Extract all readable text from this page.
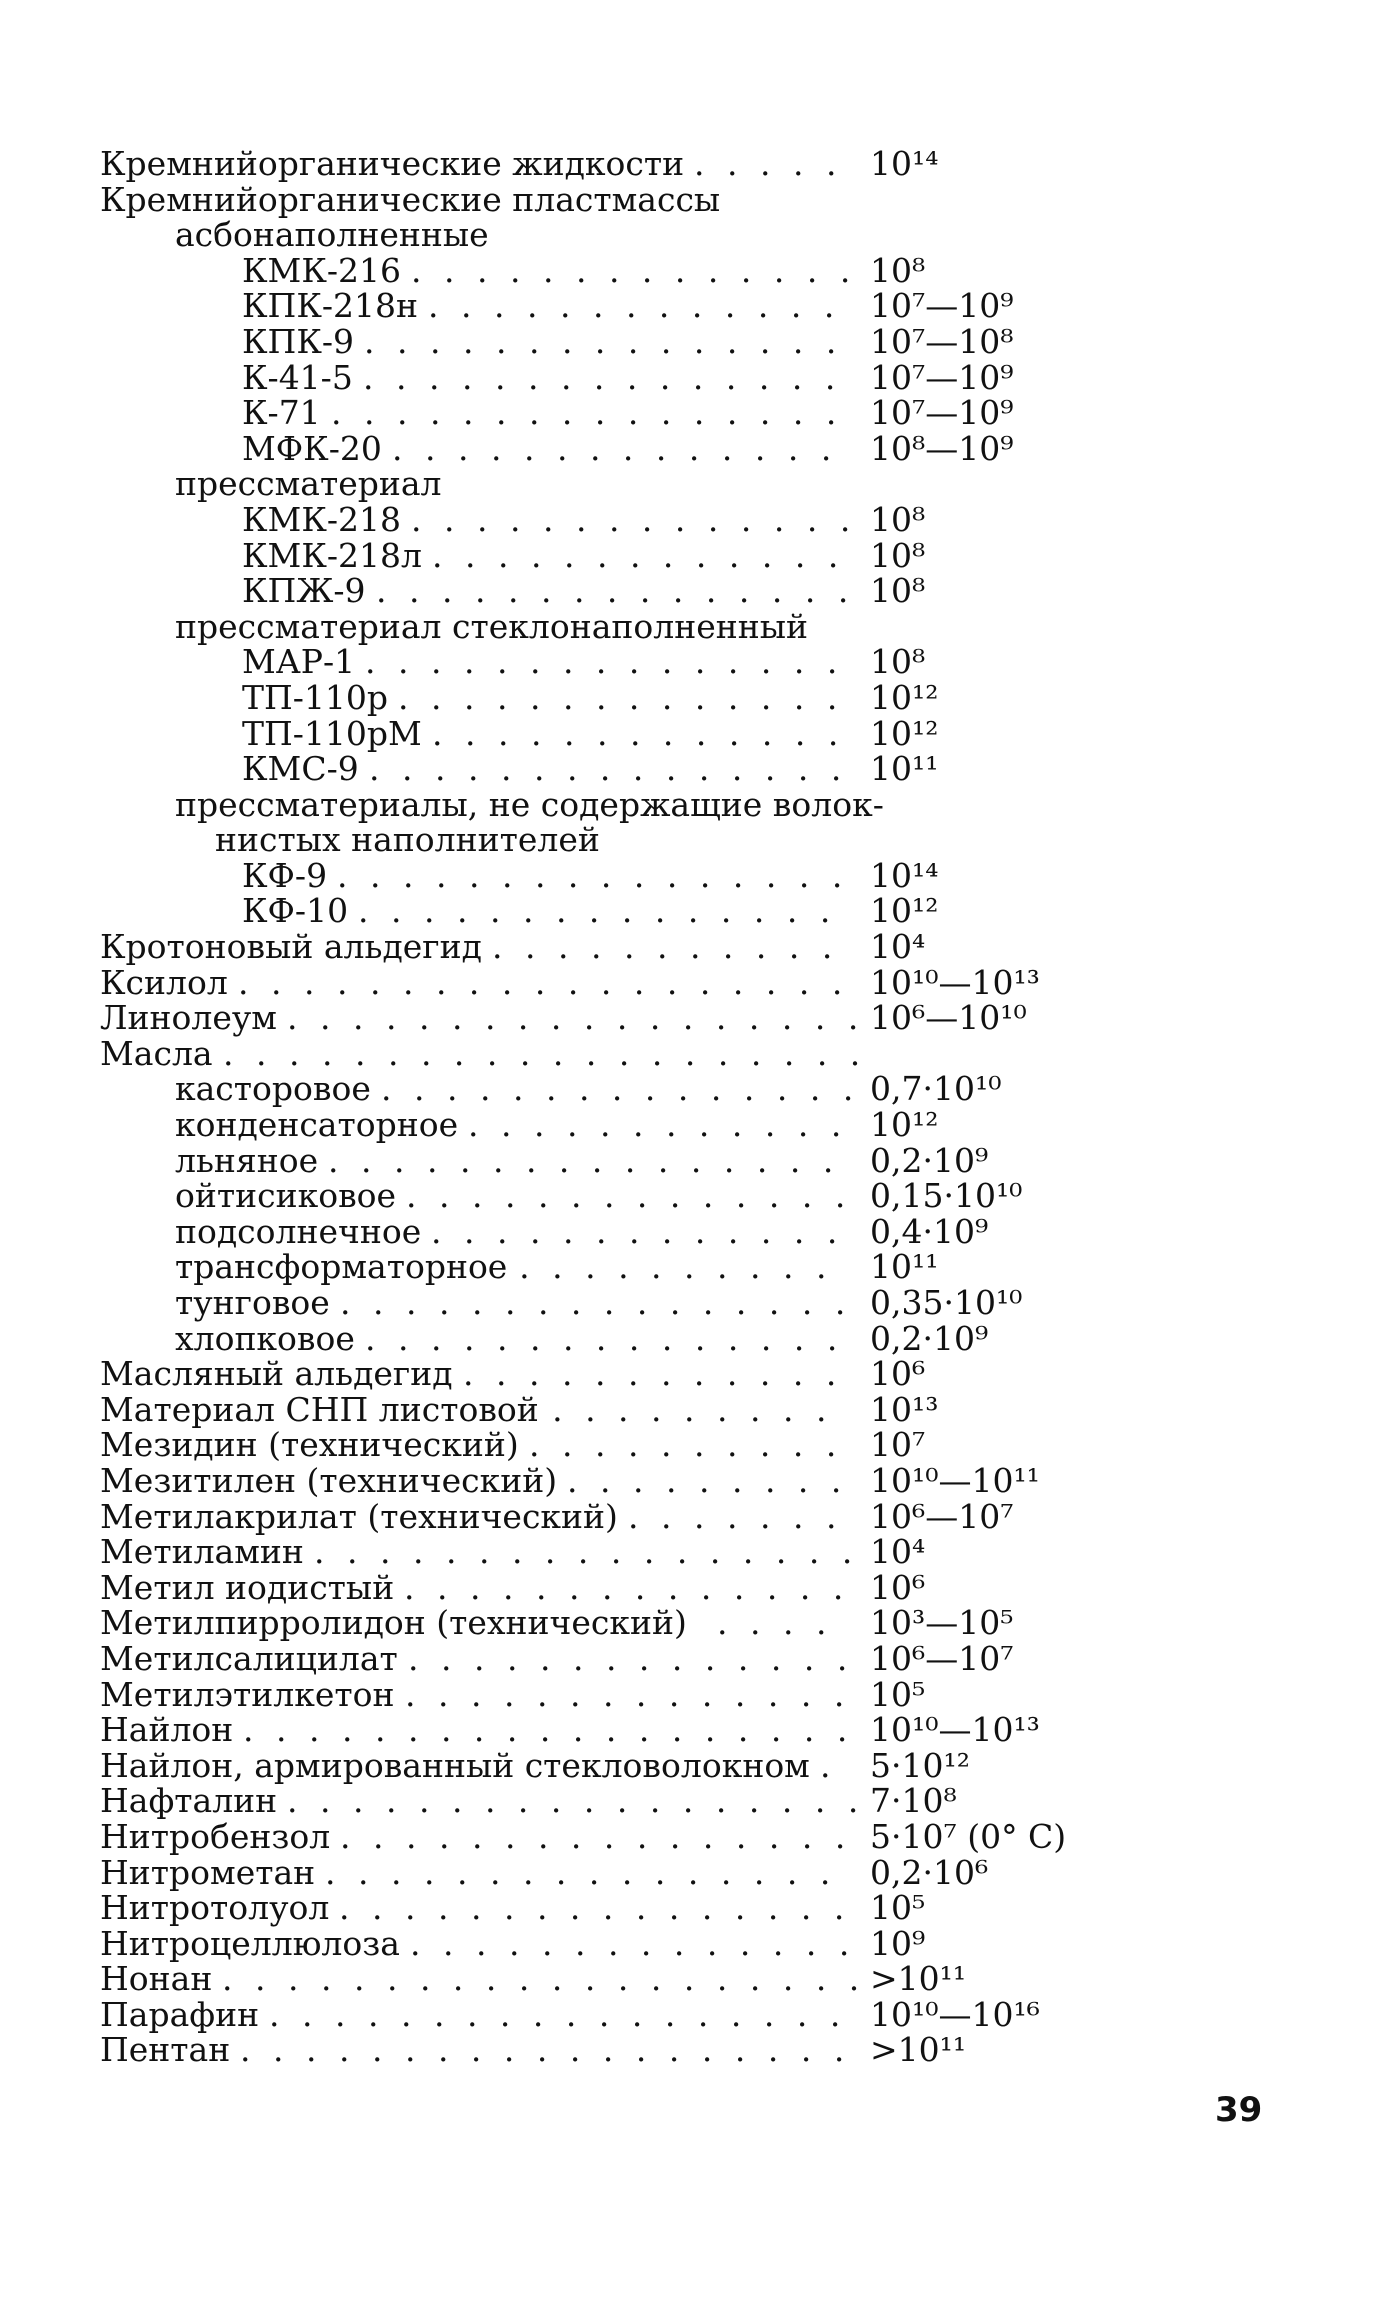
Кремнийорганические жидкости ..... 10¹⁴
Кремнийорганические пластмассы
асбонаполненные
КМК-216 ..............
10⁸
КПК-218н ............. 10⁷—10⁹
КПК-9 ............... 10⁷—10⁸
К-41-5 ............... 10⁷—10⁹
К-71 ................ 10⁷—10⁹
МФК-20 .............. 10⁸—10⁹
прессматериал
КМК-218 ..............
10⁸
КМК-218л ............. 10⁸
КПЖ-9 ............... 10⁸
прессматериал стеклонаполненный
МАР-1 ............... 10⁸
ТП-110р .............. 10¹²
ТП-110рМ ............. 10¹²
КМС-9 ............... 10¹¹
прессматериалы, не содержащие волок-
нистых наполнителей
КФ-9 ................ 10¹⁴
КФ-10 ............... 10¹²
Кротоновый альдегид ........... 10⁴
Ксилол ................... 10¹⁰—10¹³
Линолеум ..................
10⁶—10¹⁰
Масла ....................
касторовое ...............
0,7·10¹⁰
конденсаторное ............ 10¹²
льняное ................ 0,2·10⁹
ойтисиковое .............. 0,15·10¹⁰
подсолнечное ............. 0,4·10⁹
трансформаторное .......... 10¹¹
тунговое ................ 0,35·10¹⁰
хлопковое ............... 0,2·10⁹
Масляный альдегид ............ 10⁶
Материал СНП листовой ......... 10¹³
Мезидин (технический) .......... 10⁷
Мезитилен (технический) ......... 10¹⁰—10¹¹
Метилакрилат (технический) ....... 10⁶—10⁷
Метиламин .................
10⁴
Метил иодистый .............. 10⁶
Метилпирролидон (технический) .... 10³—10⁵
Метилсалицилат .............. 10⁶—10⁷
Метилэтилкетон .............. 10⁵
Найлон ................... 10¹⁰—10¹³
Найлон, армированный стекловолокном . 5·10¹²
Нафталин ..................
7·10⁸
Нитробензол ................ 5·10⁷ (0° C)
Нитрометан ................ 0,2·10⁶
Нитротолуол ................ 10⁵
Нитроцеллюлоза ..............
10⁹
Нонан ....................
>10¹¹
Парафин .................. 10¹⁰—10¹⁶
Пентан ................... >10¹¹
39
